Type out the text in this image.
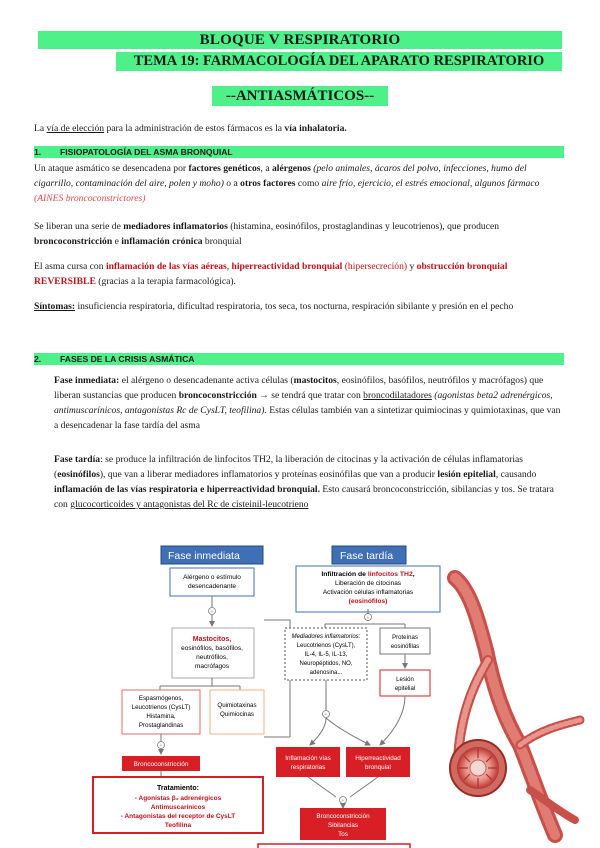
BLOQUE V RESPIRATORIO
TEMA 19: FARMACOLOGÍA DEL APARATO RESPIRATORIO
--ANTIASMÁTICOS--
La vía de elección para la administración de estos fármacos es la vía inhalatoria.
1. FISIOPATOLOGÍA DEL ASMA BRONQUIAL
Un ataque asmático se desencadena por factores genéticos, a alérgenos (pelo animales, ácaros del polvo, infecciones, humo del cigarrillo, contaminación del aire, polen y moho) o a otros factores como aire frío, ejercicio, el estrés emocional, algunos fármaco (AINES broncoconstrictores)
Se liberan una serie de mediadores inflamatorios (histamina, eosinófilos, prostaglandinas y leucotrienos), que producen broncoconstricción e inflamación crónica bronquial
El asma cursa con inflamación de las vías aéreas, hiperreactividad bronquial (hipersecreción) y obstrucción bronquial REVERSIBLE (gracias a la terapia farmacológica).
Síntomas: insuficiencia respiratoria, dificultad respiratoria, tos seca, tos nocturna, respiración sibilante y presión en el pecho
2. FASES DE LA CRISIS ASMÁTICA
Fase inmediata: el alérgeno o desencadenante activa células (mastocitos, eosinófilos, basófilos, neutrófilos y macrófagos) que liberan sustancias que producen broncoconstricción → se tendrá que tratar con broncodilatadores (agonistas beta2 adrenérgicos, antimuscarínicos, antagonistas Rc de CysLT, teofilina). Estas células también van a sintetizar quimiocinas y quimiotaxinas, que van a desencadenar la fase tardía del asma
Fase tardía: se produce la infiltración de linfocitos TH2, la liberación de citocinas y la activación de células inflamatorias (eosinófilos), que van a liberar mediadores inflamatorios y proteínas eosinófilas que van a producir lesión epitelial, causando inflamación de las vías respiratoria e hiperreactividad bronquial. Esto causará broncoconstricción, sibilancias y tos. Se tratara con glucocorticoides y antagonistas del Rc de cisteinil-leucotrieno
Fase inmediata	Fase tardía
Alérgeno o estímulo
desencadenante
+
Mastocitos,
eosinófilos, basófilos,
neutrófilos,
macrófagos
Espasmógenos,
Leucotrienos (CysLT)
Histamina,
Prostaglandinas
Quimiotaxinas
Quimiocinas
+
Broncoconstricción
Tratamiento:
- Agonistas β₂ adrenérgicos
Antimuscarínicos
- Antagonistas del receptor de CysLT
Teofilina
Infiltración de linfocitos TH2,
Liberación de citocinas
Activación células inflamatorias
(eosinófilos)
+
Mediadores inflamatorios:
Leucotrienos (CysLT),
IL-4, IL-5, IL-13,
Neuropéptidos, NO,
adenosina...
Proteínas
eosinófilas
Lesión
epitelial
+
Inflamación vías
respiratorias
Hiperreactividad
bronquial
+
Broncoconstricción
Sibilancias
Tos
